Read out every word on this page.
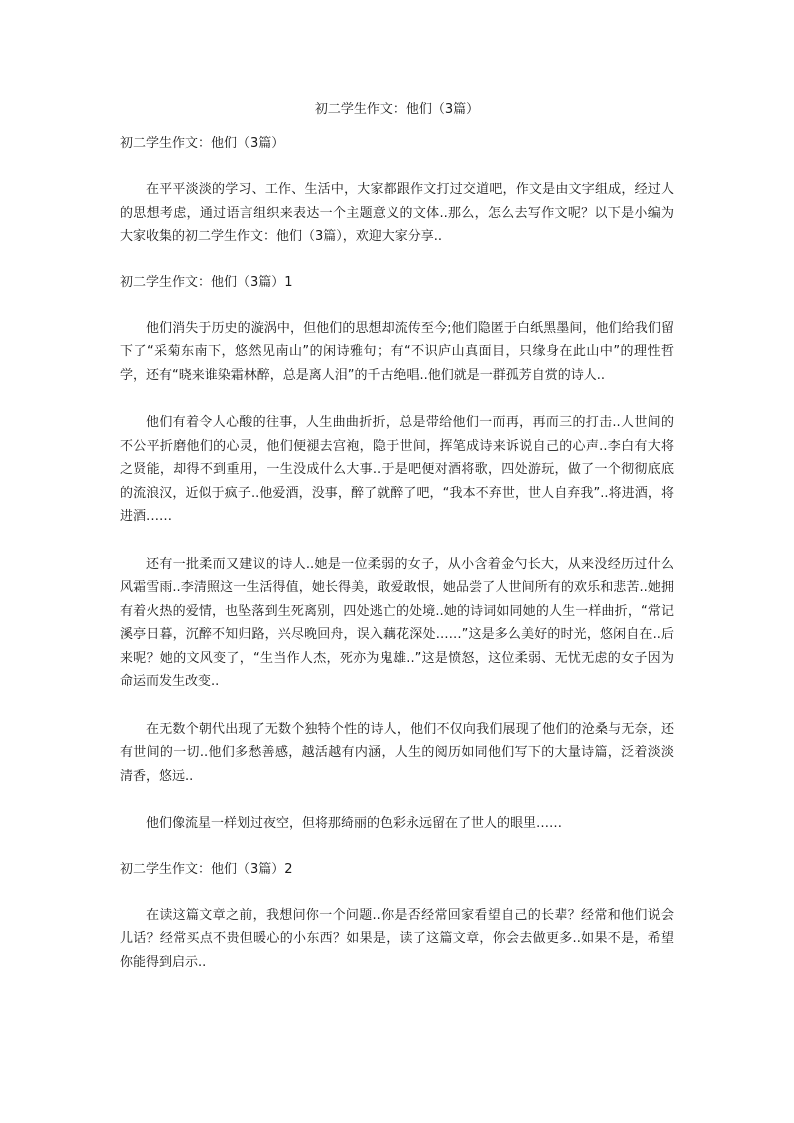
初二学生作文：他们（3篇）
初二学生作文：他们（3篇）

在平平淡淡的学习、工作、生活中，大家都跟作文打过交道吧，作文是由文字组成，经过人的思想考虑，通过语言组织来表达一个主题意义的文体..那么，怎么去写作文呢？以下是小编为大家收集的初二学生作文：他们（3篇），欢迎大家分享..

初二学生作文：他们（3篇）1

他们消失于历史的漩涡中，但他们的思想却流传至今;他们隐匿于白纸黑墨间，他们给我们留下了“采菊东南下，悠然见南山”的闲诗雅句；有“不识庐山真面目，只缘身在此山中”的理性哲学，还有“晓来谁染霜林醉，总是离人泪”的千古绝唱..他们就是一群孤芳自赏的诗人..

他们有着令人心酸的往事，人生曲曲折折，总是带给他们一而再，再而三的打击..人世间的不公平折磨他们的心灵，他们便褪去宫袍，隐于世间，挥笔成诗来诉说自己的心声..李白有大将之贤能，却得不到重用，一生没成什么大事..于是吧便对酒将歌，四处游玩，做了一个彻彻底底的流浪汉，近似于疯子..他爱酒，没事，醉了就醉了吧，“我本不弃世，世人自弃我”..将进酒，将进酒……

还有一批柔而又建议的诗人..她是一位柔弱的女子，从小含着金勺长大，从来没经历过什么风霜雪雨..李清照这一生活得值，她长得美，敢爱敢恨，她品尝了人世间所有的欢乐和悲苦..她拥有着火热的爱情，也坠落到生死离别，四处逃亡的处境..她的诗词如同她的人生一样曲折，“常记溪亭日暮，沉醉不知归路，兴尽晚回舟，误入藕花深处……”这是多么美好的时光，悠闲自在..后来呢？她的文风变了，“生当作人杰，死亦为鬼雄..”这是愤怒，这位柔弱、无忧无虑的女子因为命运而发生改变..

在无数个朝代出现了无数个独特个性的诗人，他们不仅向我们展现了他们的沧桑与无奈，还有世间的一切..他们多愁善感，越活越有内涵，人生的阅历如同他们写下的大量诗篇，泛着淡淡清香，悠远..

他们像流星一样划过夜空，但将那绮丽的色彩永远留在了世人的眼里……

初二学生作文：他们（3篇）2

在读这篇文章之前，我想问你一个问题..你是否经常回家看望自己的长辈？经常和他们说会儿话？经常买点不贵但暖心的小东西？如果是，读了这篇文章，你会去做更多..如果不是，希望你能得到启示..
